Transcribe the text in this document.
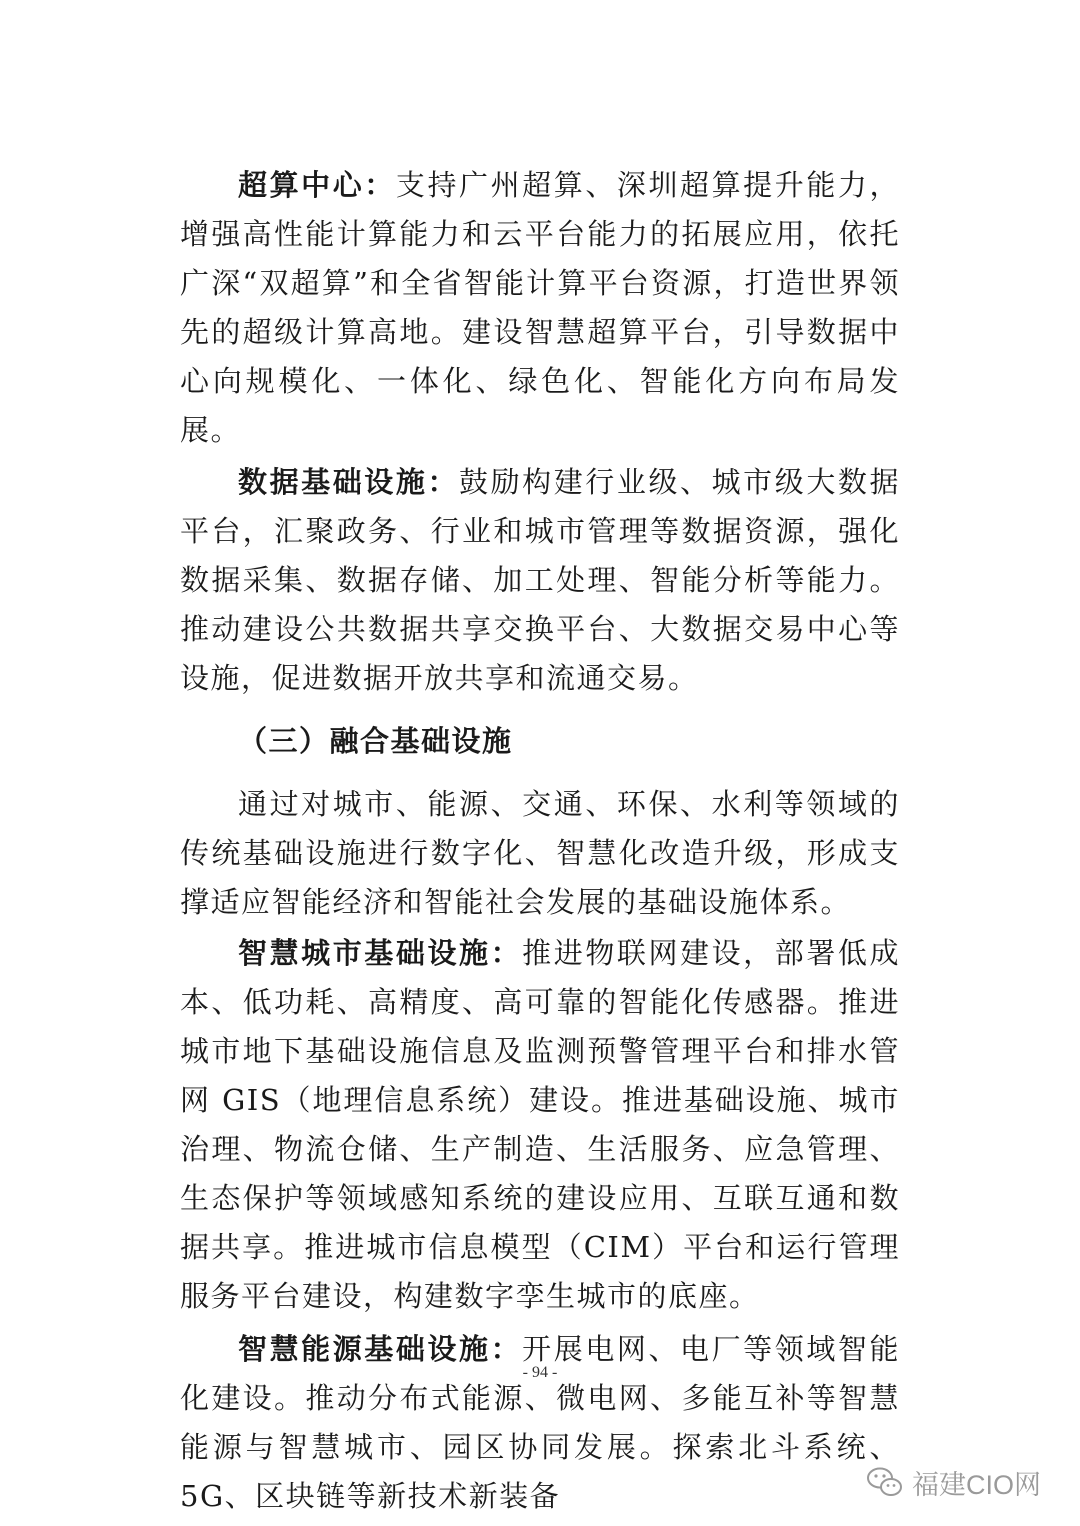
超算中心：支持广州超算、深圳超算提升能力，增强高性能计算能力和云平台能力的拓展应用，依托广深“双超算”和全省智能计算平台资源，打造世界领先的超级计算高地。建设智慧超算平台，引导数据中心向规模化、一体化、绿色化、智能化方向布局发展。

数据基础设施：鼓励构建行业级、城市级大数据平台，汇聚政务、行业和城市管理等数据资源，强化数据采集、数据存储、加工处理、智能分析等能力。推动建设公共数据共享交换平台、大数据交易中心等设施，促进数据开放共享和流通交易。

（三）融合基础设施

通过对城市、能源、交通、环保、水利等领域的传统基础设施进行数字化、智慧化改造升级，形成支撑适应智能经济和智能社会发展的基础设施体系。

智慧城市基础设施：推进物联网建设，部署低成本、低功耗、高精度、高可靠的智能化传感器。推进城市地下基础设施信息及监测预警管理平台和排水管网 GIS（地理信息系统）建设。推进基础设施、城市治理、物流仓储、生产制造、生活服务、应急管理、生态保护等领域感知系统的建设应用、互联互通和数据共享。推进城市信息模型（CIM）平台和运行管理服务平台建设，构建数字孪生城市的底座。

智慧能源基础设施：开展电网、电厂等领域智能化建设。推动分布式能源、微电网、多能互补等智慧能源与智慧城市、园区协同发展。探索北斗系统、5G、区块链等新技术新装备

- 94 -
福建CIO网
